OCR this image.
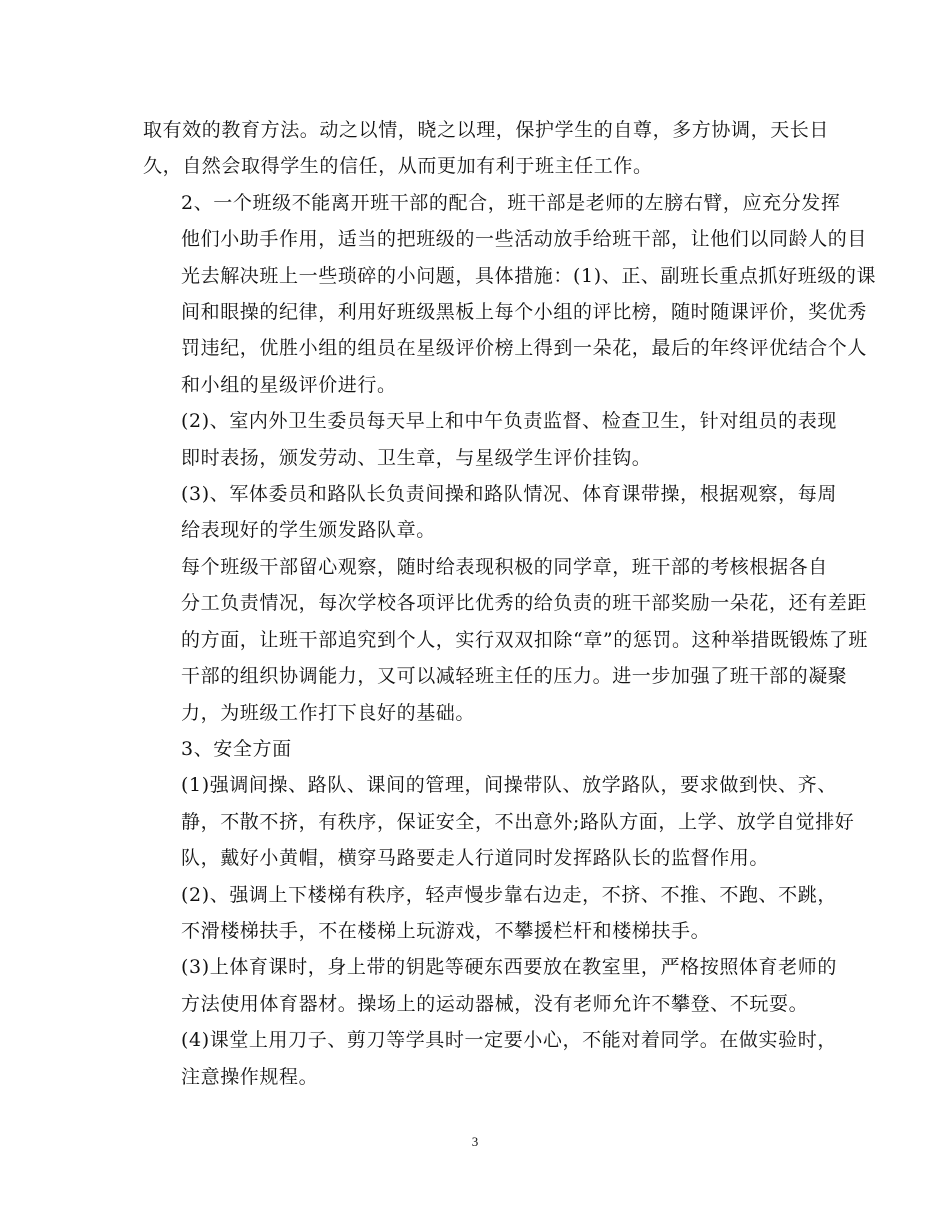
取有效的教育方法。动之以情，晓之以理，保护学生的自尊，多方协调，天长日
久，自然会取得学生的信任，从而更加有利于班主任工作。

2、一个班级不能离开班干部的配合，班干部是老师的左膀右臂，应充分发挥
他们小助手作用，适当的把班级的一些活动放手给班干部，让他们以同龄人的目
光去解决班上一些琐碎的小问题，具体措施：(1)、正、副班长重点抓好班级的课
间和眼操的纪律，利用好班级黑板上每个小组的评比榜，随时随课评价，奖优秀
罚违纪，优胜小组的组员在星级评价榜上得到一朵花，最后的年终评优结合个人
和小组的星级评价进行。

(2)、室内外卫生委员每天早上和中午负责监督、检查卫生，针对组员的表现
即时表扬，颁发劳动、卫生章，与星级学生评价挂钩。

(3)、军体委员和路队长负责间操和路队情况、体育课带操，根据观察，每周
给表现好的学生颁发路队章。

每个班级干部留心观察，随时给表现积极的同学章，班干部的考核根据各自
分工负责情况，每次学校各项评比优秀的给负责的班干部奖励一朵花，还有差距
的方面，让班干部追究到个人，实行双双扣除“章”的惩罚。这种举措既锻炼了班
干部的组织协调能力，又可以减轻班主任的压力。进一步加强了班干部的凝聚
力，为班级工作打下良好的基础。

3、安全方面

(1)强调间操、路队、课间的管理，间操带队、放学路队，要求做到快、齐、
静，不散不挤，有秩序，保证安全，不出意外;路队方面，上学、放学自觉排好
队，戴好小黄帽，横穿马路要走人行道同时发挥路队长的监督作用。

(2)、强调上下楼梯有秩序，轻声慢步靠右边走，不挤、不推、不跑、不跳，
不滑楼梯扶手，不在楼梯上玩游戏，不攀援栏杆和楼梯扶手。

(3)上体育课时，身上带的钥匙等硬东西要放在教室里，严格按照体育老师的
方法使用体育器材。操场上的运动器械，没有老师允许不攀登、不玩耍。

(4)课堂上用刀子、剪刀等学具时一定要小心，不能对着同学。在做实验时，
注意操作规程。

3
